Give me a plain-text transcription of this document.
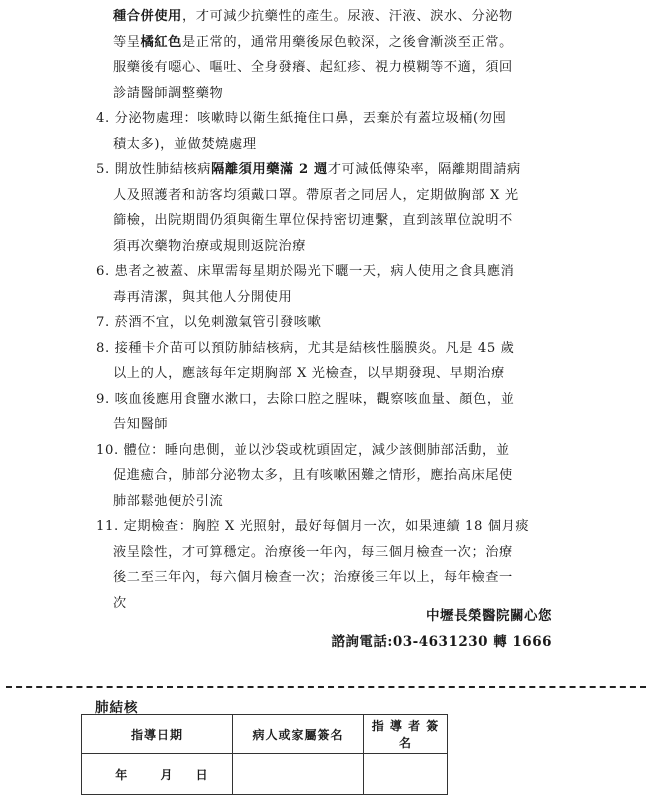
種合併使用，才可減少抗藥性的產生。尿液、汗液、淚水、分泌物
等呈橘紅色是正常的，通常用藥後尿色較深，之後會漸淡至正常。
服藥後有噁心、嘔吐、全身發癢、起紅疹、視力模糊等不適，須回
診請醫師調整藥物
4. 分泌物處理：咳嗽時以衛生紙掩住口鼻，丟棄於有蓋垃圾桶(勿囤
積太多)，並做焚燒處理
5. 開放性肺結核病隔離須用藥滿 2 週才可減低傳染率，隔離期間請病
人及照護者和訪客均須戴口罩。帶原者之同居人，定期做胸部 X 光
篩檢，出院期間仍須與衛生單位保持密切連繫，直到該單位說明不
須再次藥物治療或規則返院治療
6. 患者之被蓋、床單需每星期於陽光下曬一天，病人使用之食具應消
毒再清潔，與其他人分開使用
7. 菸酒不宜，以免刺激氣管引發咳嗽
8. 接種卡介苗可以預防肺結核病，尤其是結核性腦膜炎。凡是 45 歲
以上的人，應該每年定期胸部 X 光檢查，以早期發現、早期治療
9. 咳血後應用食鹽水漱口，去除口腔之腥味，觀察咳血量、顏色，並
告知醫師
10. 體位：睡向患側，並以沙袋或枕頭固定，減少該側肺部活動，並
促進癒合，肺部分泌物太多，且有咳嗽困難之情形，應抬高床尾使
肺部鬆弛便於引流
11. 定期檢查：胸腔 X 光照射，最好每個月一次，如果連續 18 個月痰
液呈陰性，才可算穩定。治療後一年內，每三個月檢查一次；治療
後二至三年內，每六個月檢查一次；治療後三年以上，每年檢查一
次
中壢長榮醫院關心您
諮詢電話:03-4631230 轉 1666
肺結核
指導日期	病人或家屬簽名	指 導 者 簽 名
年 月 日		
